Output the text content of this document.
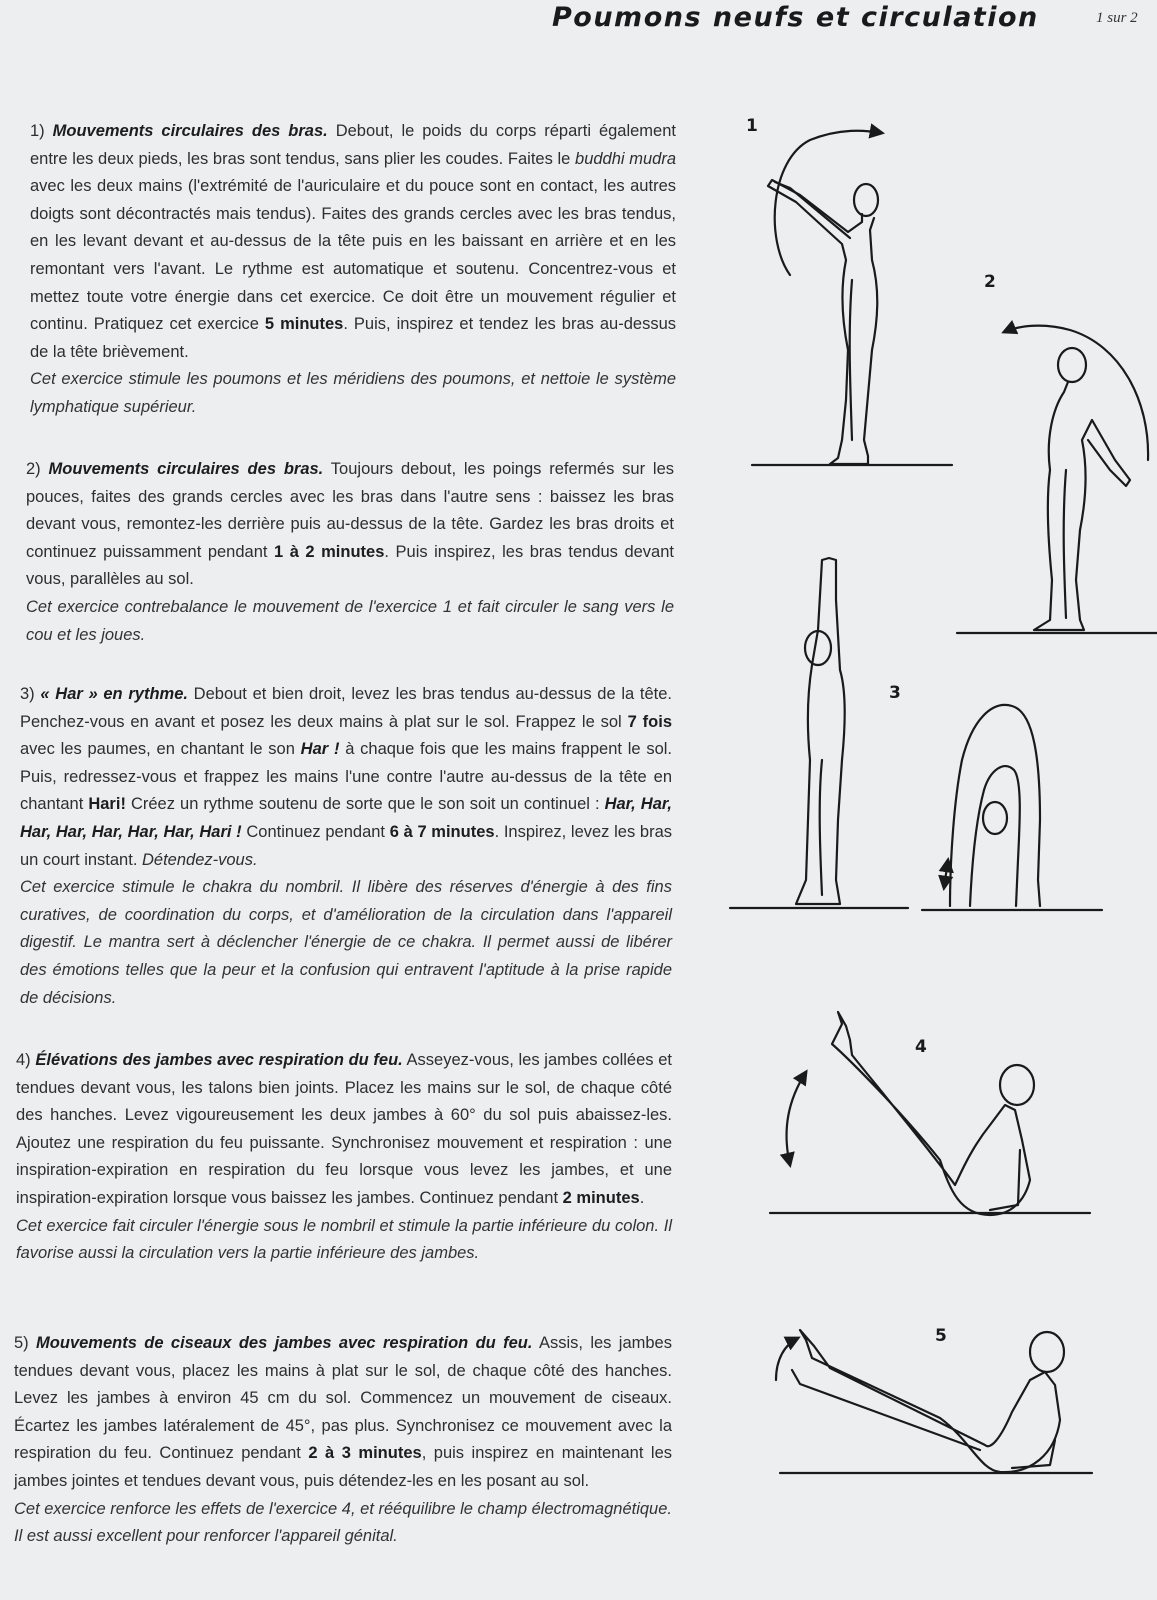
Poumons neufs et circulation	1 sur 2

1) Mouvements circulaires des bras. Debout, le poids du corps réparti également entre les deux pieds, les bras sont tendus, sans plier les coudes. Faites le buddhi mudra avec les deux mains (l'extrémité de l'auriculaire et du pouce sont en contact, les autres doigts sont décontractés mais tendus). Faites des grands cercles avec les bras tendus, en les levant devant et au-dessus de la tête puis en les baissant en arrière et en les remontant vers l'avant. Le rythme est automatique et soutenu. Concentrez-vous et mettez toute votre énergie dans cet exercice. Ce doit être un mouvement régulier et continu. Pratiquez cet exercice 5 minutes. Puis, inspirez et tendez les bras au-dessus de la tête brièvement.

Cet exercice stimule les poumons et les méridiens des poumons, et nettoie le système lymphatique supérieur.

2) Mouvements circulaires des bras. Toujours debout, les poings refermés sur les pouces, faites des grands cercles avec les bras dans l'autre sens : baissez les bras devant vous, remontez-les derrière puis au-dessus de la tête. Gardez les bras droits et continuez puissamment pendant 1 à 2 minutes. Puis inspirez, les bras tendus devant vous, parallèles au sol.

Cet exercice contrebalance le mouvement de l'exercice 1 et fait circuler le sang vers le cou et les joues.

3) « Har » en rythme. Debout et bien droit, levez les bras tendus au-dessus de la tête. Penchez-vous en avant et posez les deux mains à plat sur le sol. Frappez le sol 7 fois avec les paumes, en chantant le son Har ! à chaque fois que les mains frappent le sol. Puis, redressez-vous et frappez les mains l'une contre l'autre au-dessus de la tête en chantant Hari! Créez un rythme soutenu de sorte que le son soit un continuel : Har, Har, Har, Har, Har, Har, Har, Hari ! Continuez pendant 6 à 7 minutes. Inspirez, levez les bras un court instant. Détendez-vous.

Cet exercice stimule le chakra du nombril. Il libère des réserves d'énergie à des fins curatives, de coordination du corps, et d'amélioration de la circulation dans l'appareil digestif. Le mantra sert à déclencher l'énergie de ce chakra. Il permet aussi de libérer des émotions telles que la peur et la confusion qui entravent l'aptitude à la prise rapide de décisions.

4) Élévations des jambes avec respiration du feu. Asseyez-vous, les jambes collées et tendues devant vous, les talons bien joints. Placez les mains sur le sol, de chaque côté des hanches. Levez vigoureusement les deux jambes à 60° du sol puis abaissez-les. Ajoutez une respiration du feu puissante. Synchronisez mouvement et respiration : une inspiration-expiration en respiration du feu lorsque vous levez les jambes, et une inspiration-expiration lorsque vous baissez les jambes. Continuez pendant 2 minutes.

Cet exercice fait circuler l'énergie sous le nombril et stimule la partie inférieure du colon. Il favorise aussi la circulation vers la partie inférieure des jambes.

5) Mouvements de ciseaux des jambes avec respiration du feu. Assis, les jambes tendues devant vous, placez les mains à plat sur le sol, de chaque côté des hanches. Levez les jambes à environ 45 cm du sol. Commencez un mouvement de ciseaux. Écartez les jambes latéralement de 45°, pas plus. Synchronisez ce mouvement avec la respiration du feu. Continuez pendant 2 à 3 minutes, puis inspirez en maintenant les jambes jointes et tendues devant vous, puis détendez-les en les posant au sol.

Cet exercice renforce les effets de l'exercice 4, et rééquilibre le champ électromagnétique. Il est aussi excellent pour renforcer l'appareil génital.

1
2
3
4
5
